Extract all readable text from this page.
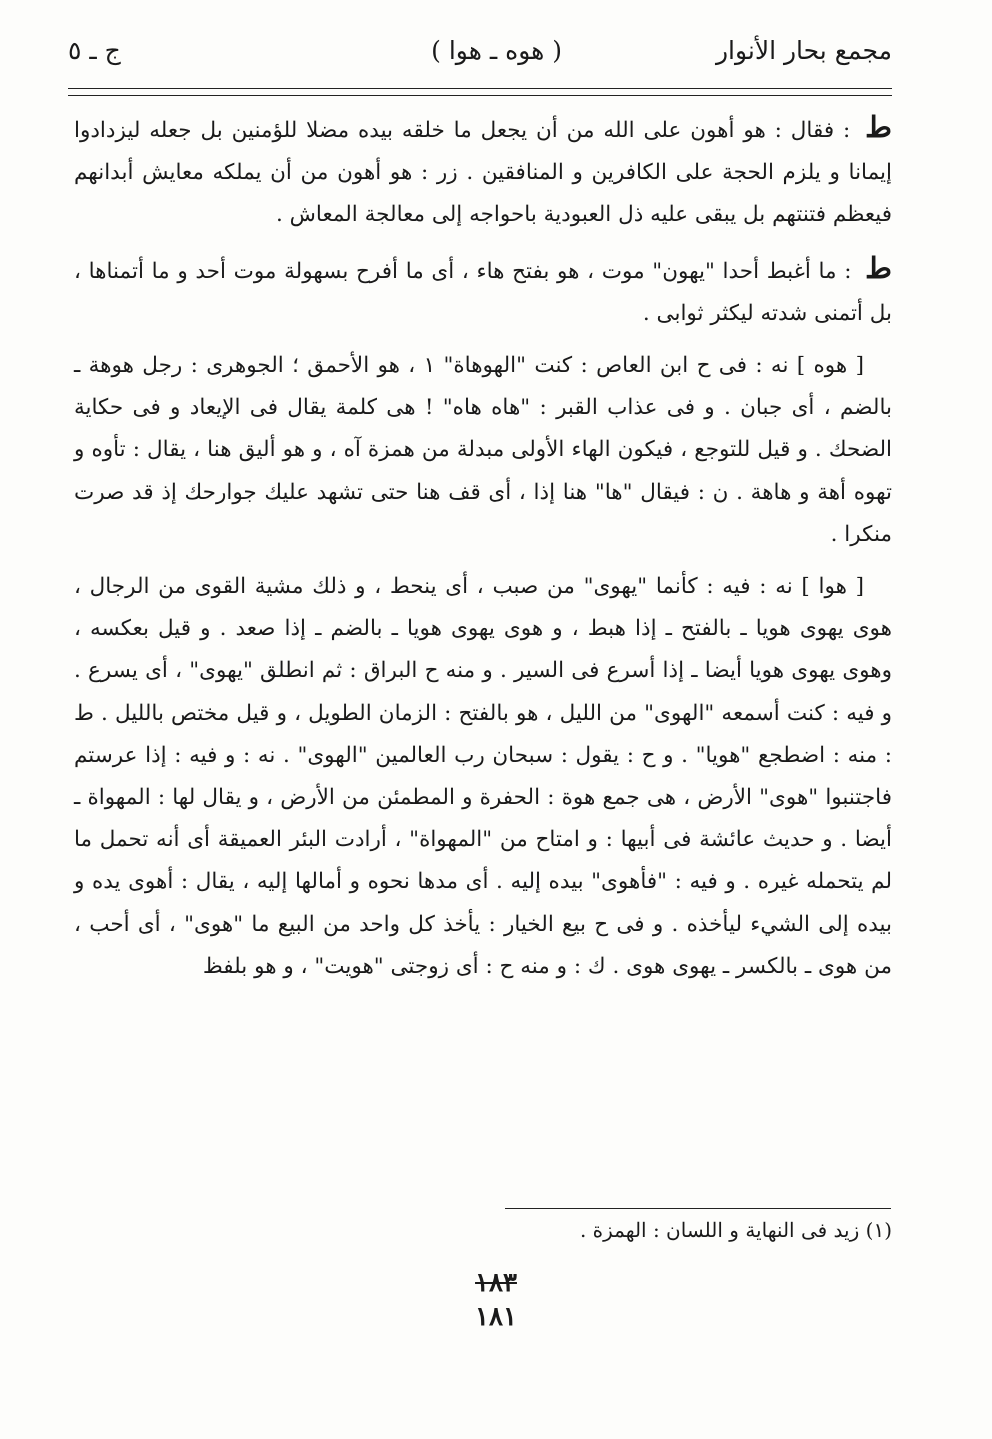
مجمع بحار الأنوار
( هوه ـ هوا )
ج ـ ٥

ط : فقال : هو أهون على الله من أن يجعل ما خلقه بيده مضلا للؤمنين بل جعله ليزدادوا إيمانا و يلزم الحجة على الكافرين و المنافقين . زر : هو أهون من أن يملكه معايش أبدانهم فيعظم فتنتهم بل يبقى عليه ذل العبودية باحواجه إلى معالجة المعاش .

ط : ما أغبط أحدا "يهون" موت ، هو بفتح هاء ، أى ما أفرح بسهولة موت أحد و ما أتمناها ، بل أتمنى شدته ليكثر ثوابى .

[ هوه ] نه : فى ح ابن العاص : كنت "الهوهاة" ١ ، هو الأحمق ؛ الجوهرى : رجل هوهة ـ بالضم ، أى جبان . و فى عذاب القبر : "هاه هاه" ! هى كلمة يقال فى الإيعاد و فى حكاية الضحك . و قيل للتوجع ، فيكون الهاء الأولى مبدلة من همزة آه ، و هو أليق هنا ، يقال : تأوه و تهوه أهة و هاهة . ن : فيقال "ها" هنا إذا ، أى قف هنا حتى تشهد عليك جوارحك إذ قد صرت منكرا .

[ هوا ] نه : فيه : كأنما "يهوى" من صبب ، أى ينحط ، و ذلك مشية القوى من الرجال ، هوى يهوى هويا ـ بالفتح ـ إذا هبط ، و هوى يهوى هويا ـ بالضم ـ إذا صعد . و قيل بعكسه ، وهوى يهوى هويا أيضا ـ إذا أسرع فى السير . و منه ح البراق : ثم انطلق "يهوى" ، أى يسرع . و فيه : كنت أسمعه "الهوى" من الليل ، هو بالفتح : الزمان الطويل ، و قيل مختص بالليل . ط : منه : اضطجع "هويا" . و ح : يقول : سبحان رب العالمين "الهوى" . نه : و فيه : إذا عرستم فاجتنبوا "هوى" الأرض ، هى جمع هوة : الحفرة و المطمئن من الأرض ، و يقال لها : المهواة ـ أيضا . و حديث عائشة فى أبيها : و امتاح من "المهواة" ، أرادت البئر العميقة أى أنه تحمل ما لم يتحمله غيره . و فيه : "فأهوى" بيده إليه . أى مدها نحوه و أمالها إليه ، يقال : أهوى يده و بيده إلى الشيء ليأخذه . و فى ح بيع الخيار : يأخذ كل واحد من البيع ما "هوى" ، أى أحب ، من هوى ـ بالكسر ـ يهوى هوى . ك : و منه ح : أى زوجتى "هويت" ، و هو بلفظ

(١) زيد فى النهاية و اللسان : الهمزة .
١٨٣
١٨١
